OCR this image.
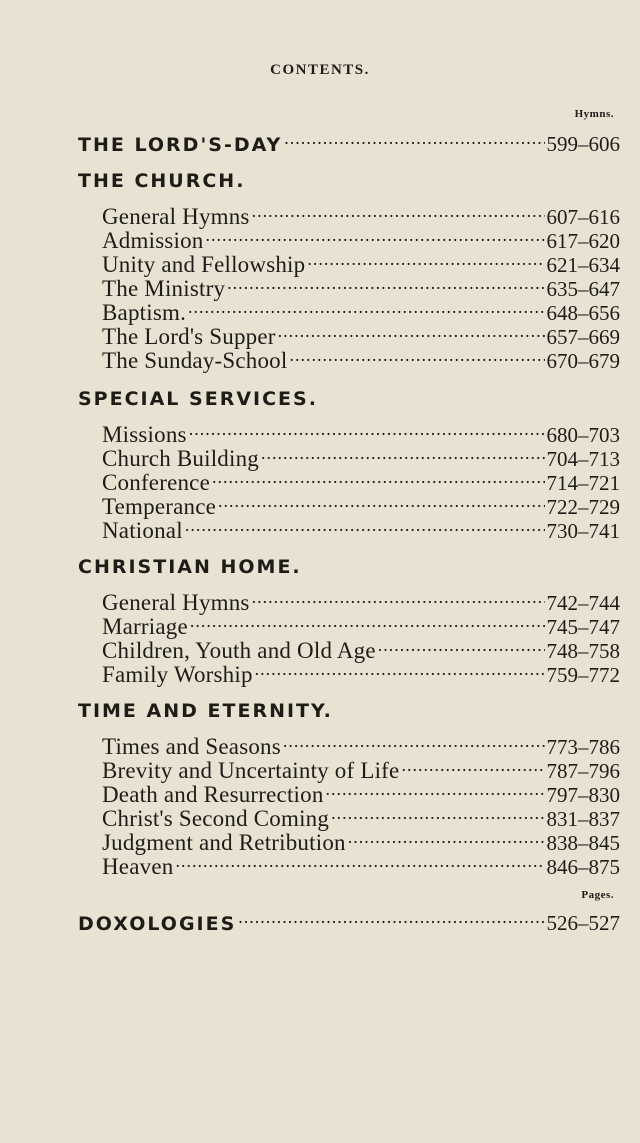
CONTENTS.
Hymns.
THE LORD'S-DAY .....	599–606
THE CHURCH.
General Hymns .....	607–616
Admission .....	617–620
Unity and Fellowship .....	621–634
The Ministry .....	635–647
Baptism. .....	648–656
The Lord's Supper .....	657–669
The Sunday-School .....	670–679
SPECIAL SERVICES.
Missions .....	680–703
Church Building .....	704–713
Conference .....	714–721
Temperance .....	722–729
National .....	730–741
CHRISTIAN HOME.
General Hymns .....	742–744
Marriage .....	745–747
Children, Youth and Old Age .....	748–758
Family Worship .....	759–772
TIME AND ETERNITY.
Times and Seasons .....	773–786
Brevity and Uncertainty of Life .....	787–796
Death and Resurrection .....	797–830
Christ's Second Coming .....	831–837
Judgment and Retribution .....	838–845
Heaven .....	846–875
Pages.
DOXOLOGIES .....	526–527
